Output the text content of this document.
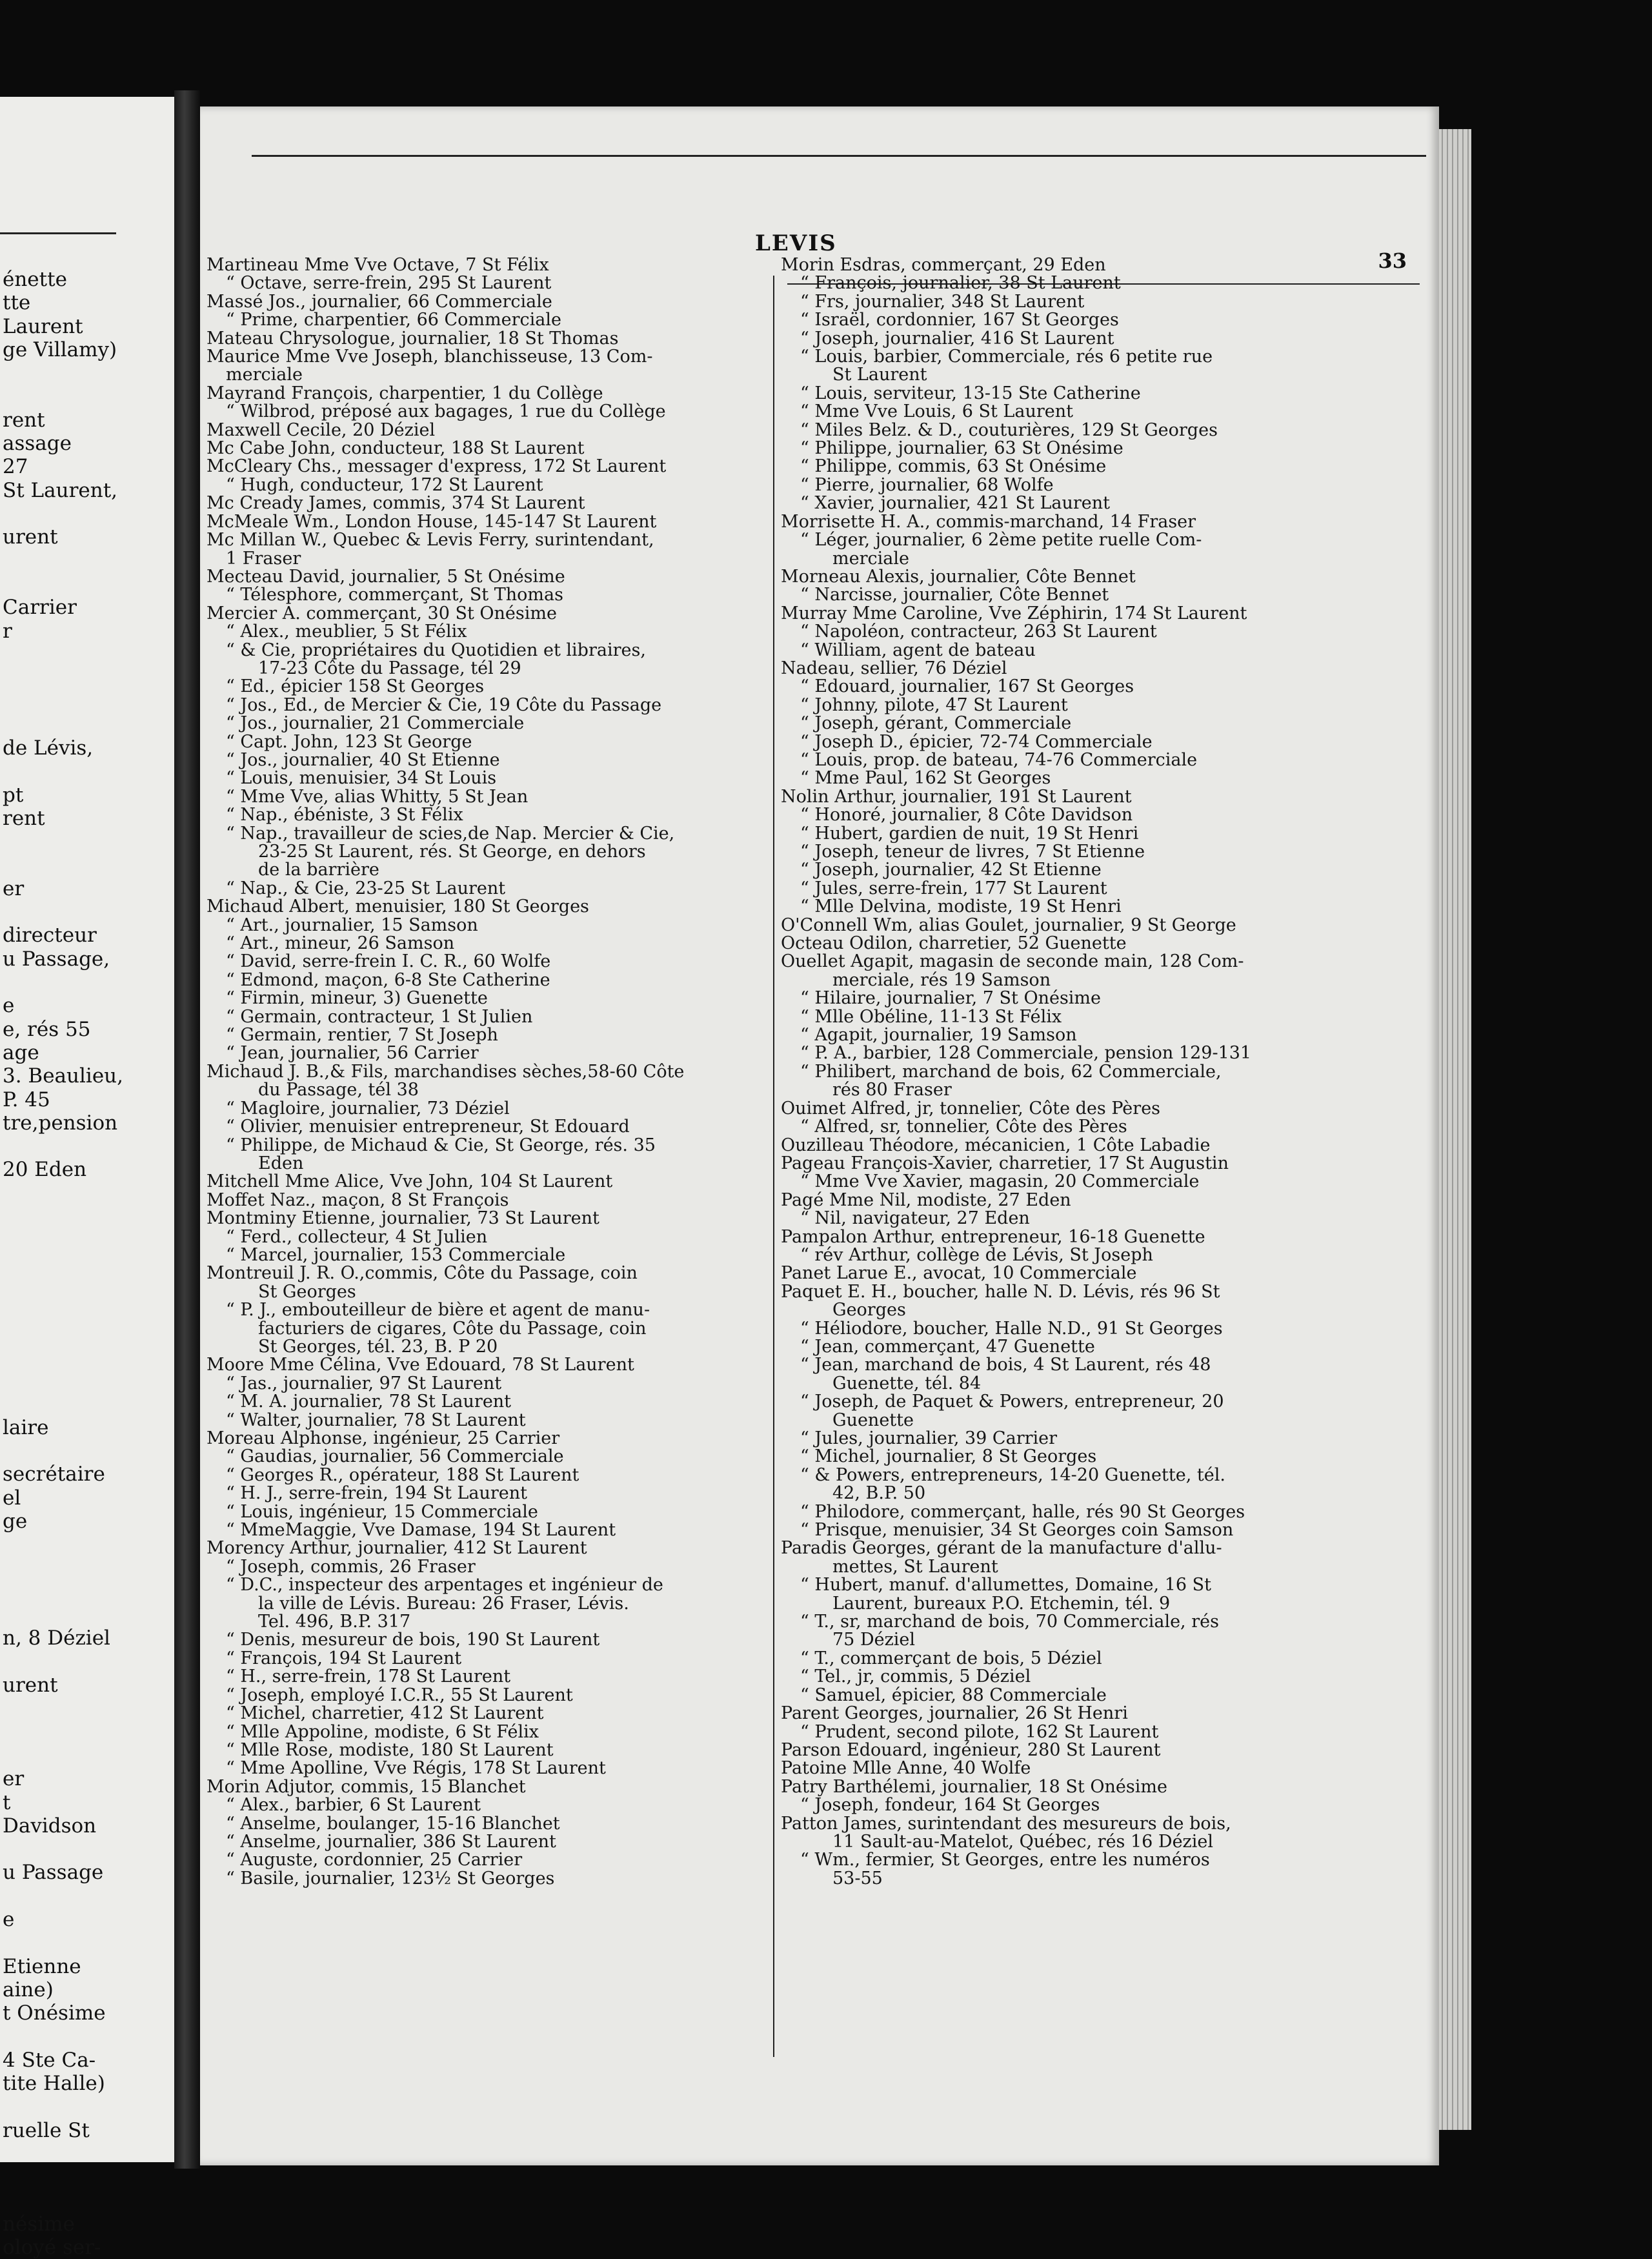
énette
tte
Laurent
ge Villamy)
rent
assage
27
St Laurent,
urent
Carrier
r
de Lévis,
pt
rent
er
directeur
u Passage,
e
e, rés 55
age
3. Beaulieu,
P. 45
tre,pension
20 Eden
laire
secrétaire
el
ge
n, 8 Déziel
urent
er
t
Davidson
u Passage
e
Etienne
aine)
t Onésime
4 Ste Ca-
tite Halle)
ruelle St
nésime
oloyé ser-
LEVIS
33
Martineau Mme Vve Octave, 7 St Félix
“ Octave, serre-frein, 295 St Laurent
Massé Jos., journalier, 66 Commerciale
“ Prime, charpentier, 66 Commerciale
Mateau Chrysologue, journalier, 18 St Thomas
Maurice Mme Vve Joseph, blanchisseuse, 13 Com-
merciale
Mayrand François, charpentier, 1 du Collège
“ Wilbrod, préposé aux bagages, 1 rue du Collège
Maxwell Cecile, 20 Déziel
Mc Cabe John, conducteur, 188 St Laurent
McCleary Chs., messager d'express, 172 St Laurent
“ Hugh, conducteur, 172 St Laurent
Mc Cready James, commis, 374 St Laurent
McMeale Wm., London House, 145-147 St Laurent
Mc Millan W., Quebec & Levis Ferry, surintendant,
1 Fraser
Mecteau David, journalier, 5 St Onésime
“ Télesphore, commerçant, St Thomas
Mercier A. commerçant, 30 St Onésime
“ Alex., meublier, 5 St Félix
“ & Cie, propriétaires du Quotidien et libraires,
17-23 Côte du Passage, tél 29
“ Ed., épicier 158 St Georges
“ Jos., Ed., de Mercier & Cie, 19 Côte du Passage
“ Jos., journalier, 21 Commerciale
“ Capt. John, 123 St George
“ Jos., journalier, 40 St Etienne
“ Louis, menuisier, 34 St Louis
“ Mme Vve, alias Whitty, 5 St Jean
“ Nap., ébéniste, 3 St Félix
“ Nap., travailleur de scies,de Nap. Mercier & Cie,
23-25 St Laurent, rés. St George, en dehors
de la barrière
“ Nap., & Cie, 23-25 St Laurent
Michaud Albert, menuisier, 180 St Georges
“ Art., journalier, 15 Samson
“ Art., mineur, 26 Samson
“ David, serre-frein I. C. R., 60 Wolfe
“ Edmond, maçon, 6-8 Ste Catherine
“ Firmin, mineur, 3) Guenette
“ Germain, contracteur, 1 St Julien
“ Germain, rentier, 7 St Joseph
“ Jean, journalier, 56 Carrier
Michaud J. B.,& Fils, marchandises sèches,58-60 Côte
du Passage, tél 38
“ Magloire, journalier, 73 Déziel
“ Olivier, menuisier entrepreneur, St Edouard
“ Philippe, de Michaud & Cie, St George, rés. 35
Eden
Mitchell Mme Alice, Vve John, 104 St Laurent
Moffet Naz., maçon, 8 St François
Montminy Etienne, journalier, 73 St Laurent
“ Ferd., collecteur, 4 St Julien
“ Marcel, journalier, 153 Commerciale
Montreuil J. R. O.,commis, Côte du Passage, coin
St Georges
“ P. J., embouteilleur de bière et agent de manu-
facturiers de cigares, Côte du Passage, coin
St Georges, tél. 23, B. P 20
Moore Mme Célina, Vve Edouard, 78 St Laurent
“ Jas., journalier, 97 St Laurent
“ M. A. journalier, 78 St Laurent
“ Walter, journalier, 78 St Laurent
Moreau Alphonse, ingénieur, 25 Carrier
“ Gaudias, journalier, 56 Commerciale
“ Georges R., opérateur, 188 St Laurent
“ H. J., serre-frein, 194 St Laurent
“ Louis, ingénieur, 15 Commerciale
“ MmeMaggie, Vve Damase, 194 St Laurent
Morency Arthur, journalier, 412 St Laurent
“ Joseph, commis, 26 Fraser
“ D.C., inspecteur des arpentages et ingénieur de
la ville de Lévis. Bureau: 26 Fraser, Lévis.
Tel. 496, B.P. 317
“ Denis, mesureur de bois, 190 St Laurent
“ François, 194 St Laurent
“ H., serre-frein, 178 St Laurent
“ Joseph, employé I.C.R., 55 St Laurent
“ Michel, charretier, 412 St Laurent
“ Mlle Appoline, modiste, 6 St Félix
“ Mlle Rose, modiste, 180 St Laurent
“ Mme Apolline, Vve Régis, 178 St Laurent
Morin Adjutor, commis, 15 Blanchet
“ Alex., barbier, 6 St Laurent
“ Anselme, boulanger, 15-16 Blanchet
“ Anselme, journalier, 386 St Laurent
“ Auguste, cordonnier, 25 Carrier
“ Basile, journalier, 123½ St Georges
Morin Esdras, commerçant, 29 Eden
“ François, journalier, 38 St Laurent
“ Frs, journalier, 348 St Laurent
“ Israël, cordonnier, 167 St Georges
“ Joseph, journalier, 416 St Laurent
“ Louis, barbier, Commerciale, rés 6 petite rue
St Laurent
“ Louis, serviteur, 13-15 Ste Catherine
“ Mme Vve Louis, 6 St Laurent
“ Miles Belz. & D., couturières, 129 St Georges
“ Philippe, journalier, 63 St Onésime
“ Philippe, commis, 63 St Onésime
“ Pierre, journalier, 68 Wolfe
“ Xavier, journalier, 421 St Laurent
Morrisette H. A., commis-marchand, 14 Fraser
“ Léger, journalier, 6 2ème petite ruelle Com-
merciale
Morneau Alexis, journalier, Côte Bennet
“ Narcisse, journalier, Côte Bennet
Murray Mme Caroline, Vve Zéphirin, 174 St Laurent
“ Napoléon, contracteur, 263 St Laurent
“ William, agent de bateau
Nadeau, sellier, 76 Déziel
“ Edouard, journalier, 167 St Georges
“ Johnny, pilote, 47 St Laurent
“ Joseph, gérant, Commerciale
“ Joseph D., épicier, 72-74 Commerciale
“ Louis, prop. de bateau, 74-76 Commerciale
“ Mme Paul, 162 St Georges
Nolin Arthur, journalier, 191 St Laurent
“ Honoré, journalier, 8 Côte Davidson
“ Hubert, gardien de nuit, 19 St Henri
“ Joseph, teneur de livres, 7 St Etienne
“ Joseph, journalier, 42 St Etienne
“ Jules, serre-frein, 177 St Laurent
“ Mlle Delvina, modiste, 19 St Henri
O'Connell Wm, alias Goulet, journalier, 9 St George
Octeau Odilon, charretier, 52 Guenette
Ouellet Agapit, magasin de seconde main, 128 Com-
merciale, rés 19 Samson
“ Hilaire, journalier, 7 St Onésime
“ Mlle Obéline, 11-13 St Félix
“ Agapit, journalier, 19 Samson
“ P. A., barbier, 128 Commerciale, pension 129-131
“ Philibert, marchand de bois, 62 Commerciale,
rés 80 Fraser
Ouimet Alfred, jr, tonnelier, Côte des Pères
“ Alfred, sr, tonnelier, Côte des Pères
Ouzilleau Théodore, mécanicien, 1 Côte Labadie
Pageau François-Xavier, charretier, 17 St Augustin
“ Mme Vve Xavier, magasin, 20 Commerciale
Pagé Mme Nil, modiste, 27 Eden
“ Nil, navigateur, 27 Eden
Pampalon Arthur, entrepreneur, 16-18 Guenette
“ rév Arthur, collège de Lévis, St Joseph
Panet Larue E., avocat, 10 Commerciale
Paquet E. H., boucher, halle N. D. Lévis, rés 96 St
Georges
“ Héliodore, boucher, Halle N.D., 91 St Georges
“ Jean, commerçant, 47 Guenette
“ Jean, marchand de bois, 4 St Laurent, rés 48
Guenette, tél. 84
“ Joseph, de Paquet & Powers, entrepreneur, 20
Guenette
“ Jules, journalier, 39 Carrier
“ Michel, journalier, 8 St Georges
“ & Powers, entrepreneurs, 14-20 Guenette, tél.
42, B.P. 50
“ Philodore, commerçant, halle, rés 90 St Georges
“ Prisque, menuisier, 34 St Georges coin Samson
Paradis Georges, gérant de la manufacture d'allu-
mettes, St Laurent
“ Hubert, manuf. d'allumettes, Domaine, 16 St
Laurent, bureaux P.O. Etchemin, tél. 9
“ T., sr, marchand de bois, 70 Commerciale, rés
75 Déziel
“ T., commerçant de bois, 5 Déziel
“ Tel., jr, commis, 5 Déziel
“ Samuel, épicier, 88 Commerciale
Parent Georges, journalier, 26 St Henri
“ Prudent, second pilote, 162 St Laurent
Parson Edouard, ingénieur, 280 St Laurent
Patoine Mlle Anne, 40 Wolfe
Patry Barthélemi, journalier, 18 St Onésime
“ Joseph, fondeur, 164 St Georges
Patton James, surintendant des mesureurs de bois,
11 Sault-au-Matelot, Québec, rés 16 Déziel
“ Wm., fermier, St Georges, entre les numéros
53-55
